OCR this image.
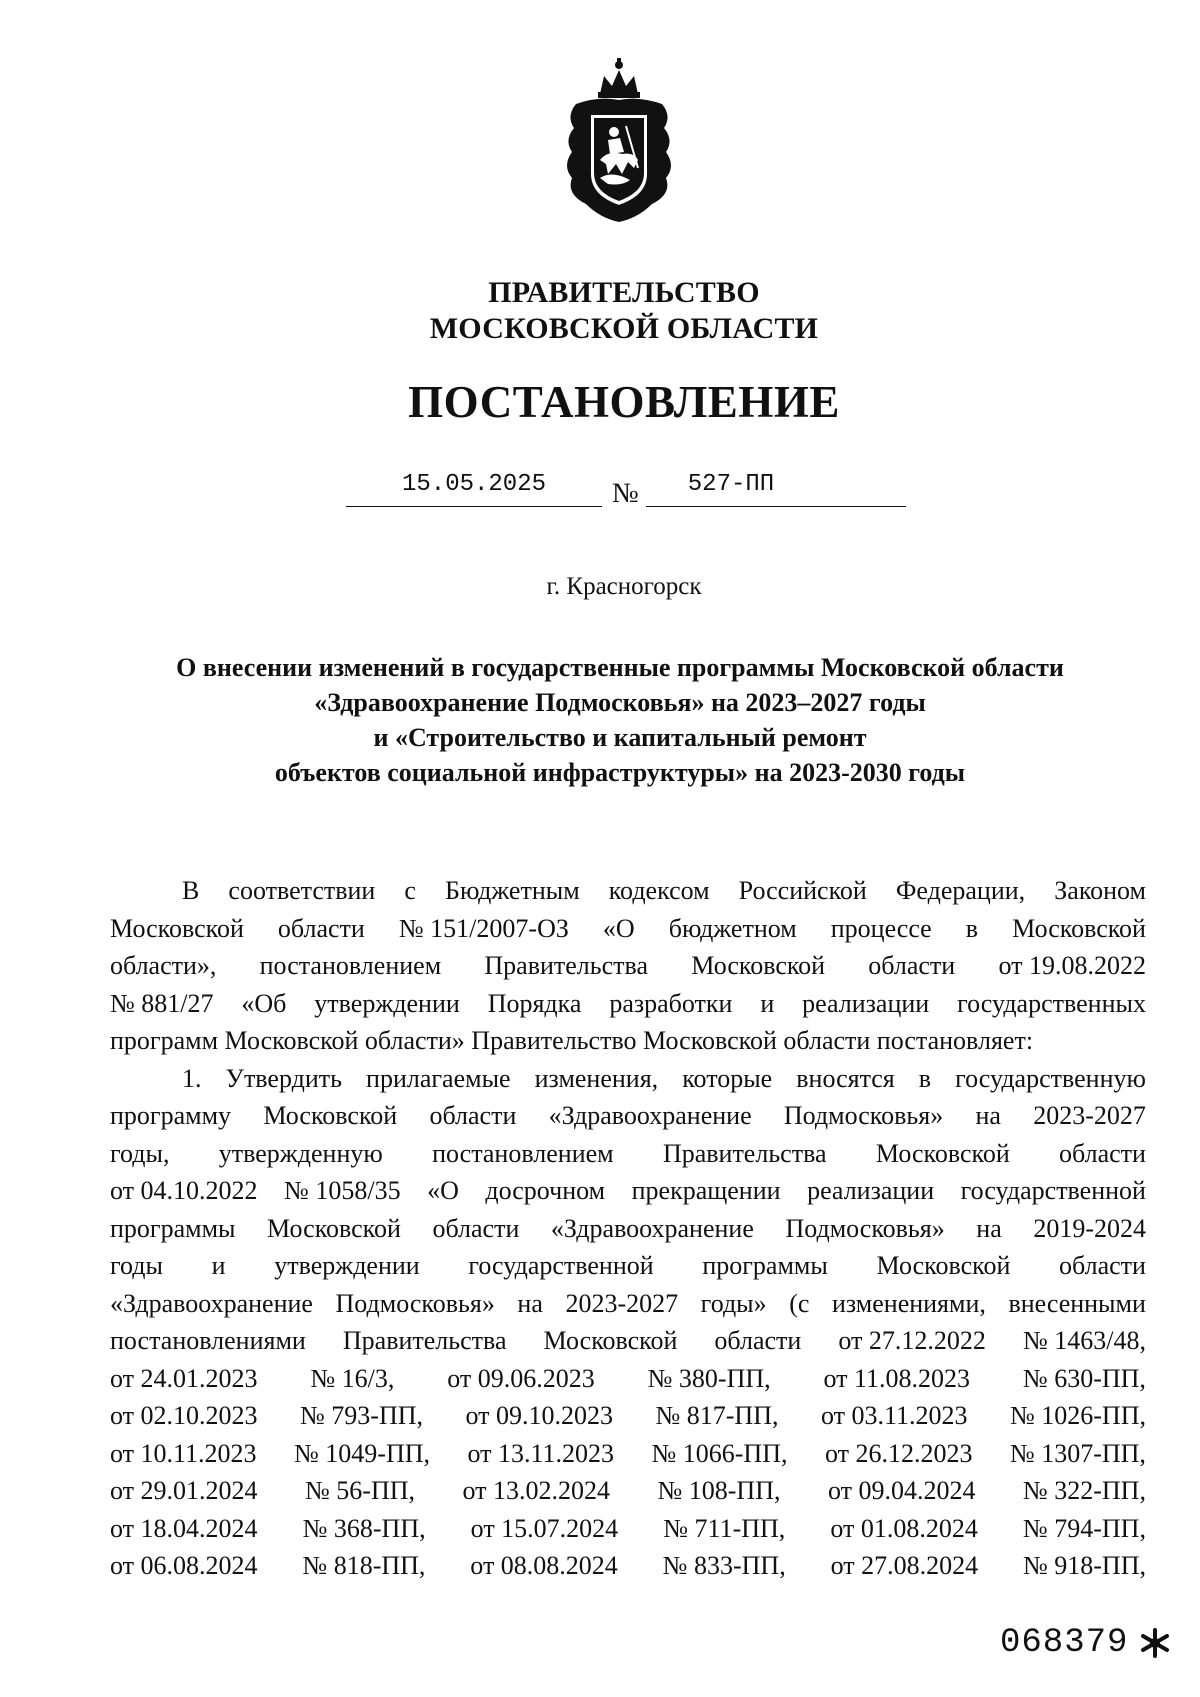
ПРАВИТЕЛЬСТВО
МОСКОВСКОЙ ОБЛАСТИ
ПОСТАНОВЛЕНИЕ
15.05.2025	№	527-ПП
г. Красногорск
О внесении изменений в государственные программы Московской области
«Здравоохранение Подмосковья» на 2023–2027 годы
и «Строительство и капитальный ремонт
объектов социальной инфраструктуры» на 2023-2030 годы
В соответствии с Бюджетным кодексом Российской Федерации, Законом
Московской области № 151/2007-ОЗ «О бюджетном процессе в Московской
области», постановлением Правительства Московской области от 19.08.2022
№ 881/27 «Об утверждении Порядка разработки и реализации государственных
программ Московской области» Правительство Московской области постановляет:
1. Утвердить прилагаемые изменения, которые вносятся в государственную
программу Московской области «Здравоохранение Подмосковья» на 2023-2027
годы, утвержденную постановлением Правительства Московской области
от 04.10.2022 № 1058/35 «О досрочном прекращении реализации государственной
программы Московской области «Здравоохранение Подмосковья» на 2019-2024
годы и утверждении государственной программы Московской области
«Здравоохранение Подмосковья» на 2023-2027 годы» (с изменениями, внесенными
постановлениями Правительства Московской области от 27.12.2022 № 1463/48,
от 24.01.2023 № 16/3, от 09.06.2023 № 380-ПП, от 11.08.2023 № 630-ПП,
от 02.10.2023 № 793-ПП, от 09.10.2023 № 817-ПП, от 03.11.2023 № 1026-ПП,
от 10.11.2023 № 1049-ПП, от 13.11.2023 № 1066-ПП, от 26.12.2023 № 1307-ПП,
от 29.01.2024 № 56-ПП, от 13.02.2024 № 108-ПП, от 09.04.2024 № 322-ПП,
от 18.04.2024 № 368-ПП, от 15.07.2024 № 711-ПП, от 01.08.2024 № 794-ПП,
от 06.08.2024 № 818-ПП, от 08.08.2024 № 833-ПП, от 27.08.2024 № 918-ПП,
068379
